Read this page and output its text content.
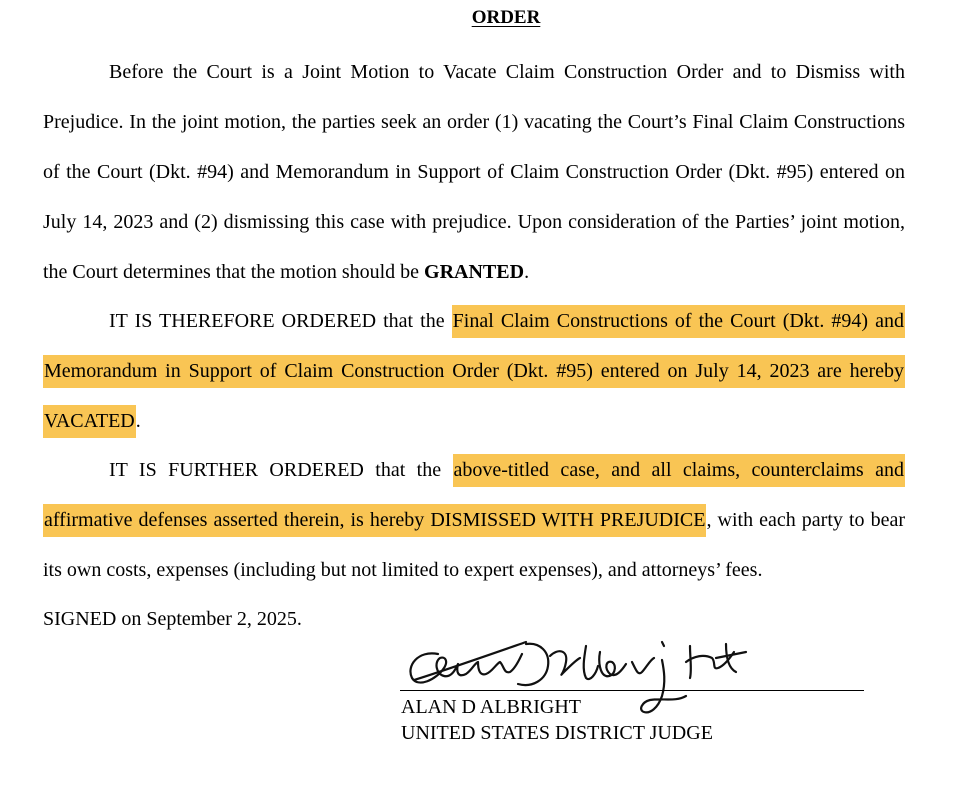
ORDER

Before the Court is a Joint Motion to Vacate Claim Construction Order and to Dismiss with Prejudice. In the joint motion, the parties seek an order (1) vacating the Court’s Final Claim Constructions of the Court (Dkt. #94) and Memorandum in Support of Claim Construction Order (Dkt. #95) entered on July 14, 2023 and (2) dismissing this case with prejudice. Upon consideration of the Parties’ joint motion, the Court determines that the motion should be GRANTED.

IT IS THEREFORE ORDERED that the Final Claim Constructions of the Court (Dkt. #94) and Memorandum in Support of Claim Construction Order (Dkt. #95) entered on July 14, 2023 are hereby VACATED.

IT IS FURTHER ORDERED that the above-titled case, and all claims, counterclaims and affirmative defenses asserted therein, is hereby DISMISSED WITH PREJUDICE, with each party to bear its own costs, expenses (including but not limited to expert expenses), and attorneys’ fees.

SIGNED on September 2, 2025.
ALAN D ALBRIGHT
UNITED STATES DISTRICT JUDGE
